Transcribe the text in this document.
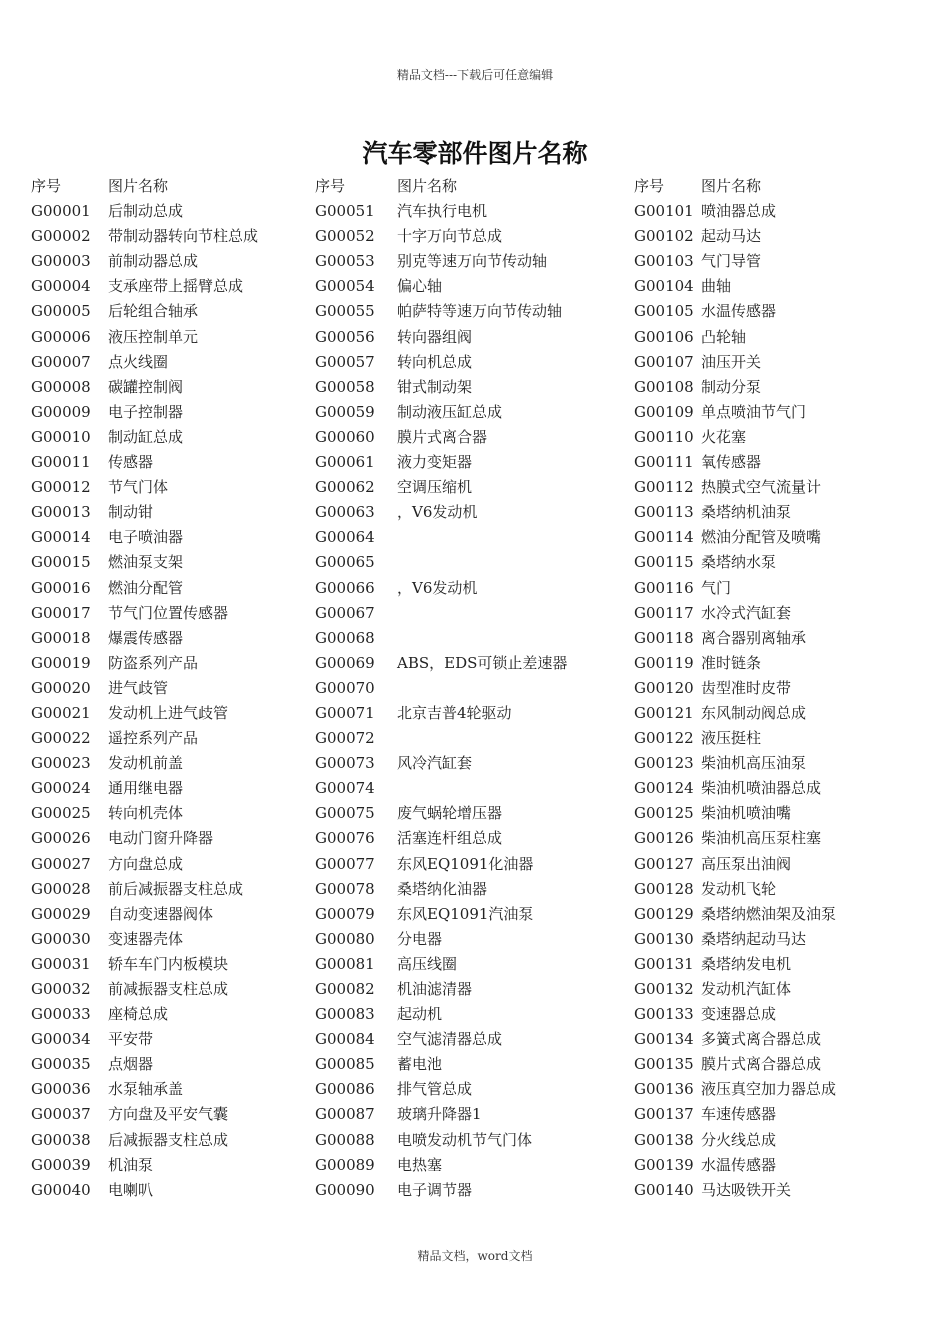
精品文档---下载后可任意编辑
汽车零部件图片名称
序号	图片名称
G00001 后制动总成
G00002 带制动器转向节柱总成
G00003 前制动器总成
G00004 支承座带上摇臂总成
G00005 后轮组合轴承
G00006 液压控制单元
G00007 点火线圈
G00008 碳罐控制阀
G00009 电子控制器
G00010 制动缸总成
G00011 传感器
G00012 节气门体
G00013 制动钳
G00014 电子喷油器
G00015 燃油泵支架
G00016 燃油分配管
G00017 节气门位置传感器
G00018 爆震传感器
G00019 防盗系列产品
G00020 进气歧管
G00021 发动机上进气歧管
G00022 遥控系列产品
G00023 发动机前盖
G00024 通用继电器
G00025 转向机壳体
G00026 电动门窗升降器
G00027 方向盘总成
G00028 前后减振器支柱总成
G00029 自动变速器阀体
G00030 变速器壳体
G00031 轿车车门内板模块
G00032 前减振器支柱总成
G00033 座椅总成
G00034 平安带
G00035 点烟器
G00036 水泵轴承盖
G00037 方向盘及平安气囊
G00038 后减振器支柱总成
G00039 机油泵
G00040 电喇叭
序号	图片名称
G00051 汽车执行电机
G00052 十字万向节总成
G00053 别克等速万向节传动轴
G00054 偏心轴
G00055 帕萨特等速万向节传动轴
G00056 转向器组阀
G00057 转向机总成
G00058 钳式制动架
G00059 制动液压缸总成
G00060 膜片式离合器
G00061 液力变矩器
G00062 空调压缩机
G00063 ，V6发动机
G00064
G00065
G00066 ，V6发动机
G00067
G00068
G00069 ABS，EDS可锁止差速器
G00070
G00071 北京吉普4轮驱动
G00072
G00073 风冷汽缸套
G00074
G00075 废气蜗轮增压器
G00076 活塞连杆组总成
G00077 东风EQ1091化油器
G00078 桑塔纳化油器
G00079 东风EQ1091汽油泵
G00080 分电器
G00081 高压线圈
G00082 机油滤清器
G00083 起动机
G00084 空气滤清器总成
G00085 蓄电池
G00086 排气管总成
G00087 玻璃升降器1
G00088 电喷发动机节气门体
G00089 电热塞
G00090 电子调节器
序号 图片名称
G00101 喷油器总成
G00102 起动马达
G00103 气门导管
G00104 曲轴
G00105 水温传感器
G00106 凸轮轴
G00107 油压开关
G00108 制动分泵
G00109 单点喷油节气门
G00110 火花塞
G00111 氧传感器
G00112 热膜式空气流量计
G00113 桑塔纳机油泵
G00114 燃油分配管及喷嘴
G00115 桑塔纳水泵
G00116 气门
G00117 水冷式汽缸套
G00118 离合器别离轴承
G00119 准时链条
G00120 齿型准时皮带
G00121 东风制动阀总成
G00122 液压挺柱
G00123 柴油机高压油泵
G00124 柴油机喷油器总成
G00125 柴油机喷油嘴
G00126 柴油机高压泵柱塞
G00127 高压泵出油阀
G00128 发动机飞轮
G00129 桑塔纳燃油架及油泵
G00130 桑塔纳起动马达
G00131 桑塔纳发电机
G00132 发动机汽缸体
G00133 变速器总成
G00134 多簧式离合器总成
G00135 膜片式离合器总成
G00136 液压真空加力器总成
G00137 车速传感器
G00138 分火线总成
G00139 水温传感器
G00140 马达吸铁开关
精品文档，word文档
